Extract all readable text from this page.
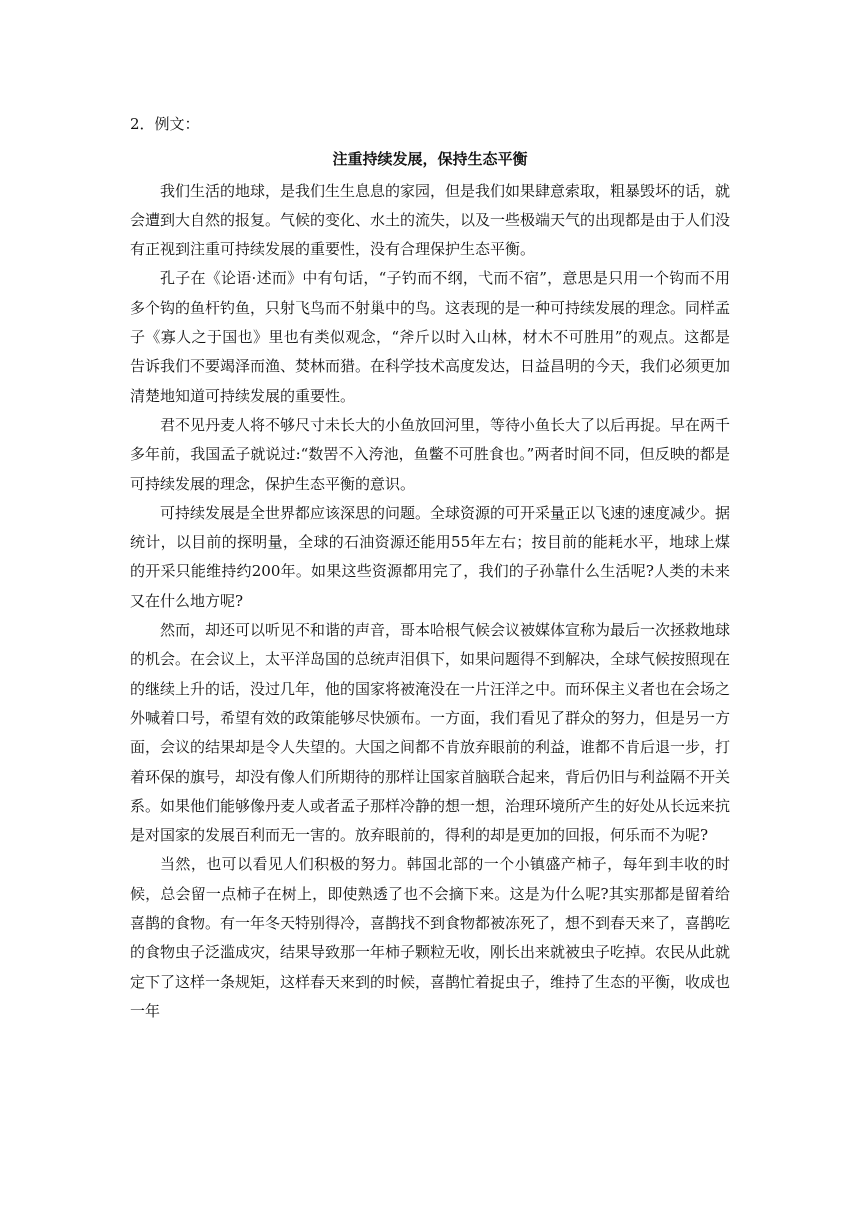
2．例文：

注重持续发展，保持生态平衡

我们生活的地球，是我们生生息息的家园，但是我们如果肆意索取，粗暴毁坏的话，就会遭到大自然的报复。气候的变化、水土的流失，以及一些极端天气的出现都是由于人们没有正视到注重可持续发展的重要性，没有合理保护生态平衡。

孔子在《论语·述而》中有句话，“子钓而不纲，弋而不宿”，意思是只用一个钩而不用多个钩的鱼杆钓鱼，只射飞鸟而不射巢中的鸟。这表现的是一种可持续发展的理念。同样孟子《寡人之于国也》里也有类似观念，“斧斤以时入山林，材木不可胜用”的观点。这都是告诉我们不要竭泽而渔、焚林而猎。在科学技术高度发达，日益昌明的今天，我们必须更加清楚地知道可持续发展的重要性。

君不见丹麦人将不够尺寸未长大的小鱼放回河里，等待小鱼长大了以后再捉。早在两千多年前，我国孟子就说过:“数罟不入洿池，鱼鳖不可胜食也。”两者时间不同，但反映的都是可持续发展的理念，保护生态平衡的意识。

可持续发展是全世界都应该深思的问题。全球资源的可开采量正以飞速的速度减少。据统计，以目前的探明量，全球的石油资源还能用55年左右；按目前的能耗水平，地球上煤的开采只能维持约200年。如果这些资源都用完了，我们的子孙靠什么生活呢?人类的未来又在什么地方呢?

然而，却还可以听见不和谐的声音，哥本哈根气候会议被媒体宣称为最后一次拯救地球的机会。在会议上，太平洋岛国的总统声泪俱下，如果问题得不到解决，全球气候按照现在的继续上升的话，没过几年，他的国家将被淹没在一片汪洋之中。而环保主义者也在会场之外喊着口号，希望有效的政策能够尽快颁布。一方面，我们看见了群众的努力，但是另一方面，会议的结果却是令人失望的。大国之间都不肯放弃眼前的利益，谁都不肯后退一步，打着环保的旗号，却没有像人们所期待的那样让国家首脑联合起来，背后仍旧与利益隔不开关系。如果他们能够像丹麦人或者孟子那样冷静的想一想，治理环境所产生的好处从长远来抗是对国家的发展百利而无一害的。放弃眼前的，得利的却是更加的回报，何乐而不为呢?

当然，也可以看见人们积极的努力。韩国北部的一个小镇盛产柿子，每年到丰收的时候，总会留一点柿子在树上，即使熟透了也不会摘下来。这是为什么呢?其实那都是留着给喜鹊的食物。有一年冬天特别得冷，喜鹊找不到食物都被冻死了，想不到春天来了，喜鹊吃的食物虫子泛滥成灾，结果导致那一年柿子颗粒无收，刚长出来就被虫子吃掉。农民从此就定下了这样一条规矩，这样春天来到的时候，喜鹊忙着捉虫子，维持了生态的平衡，收成也一年
